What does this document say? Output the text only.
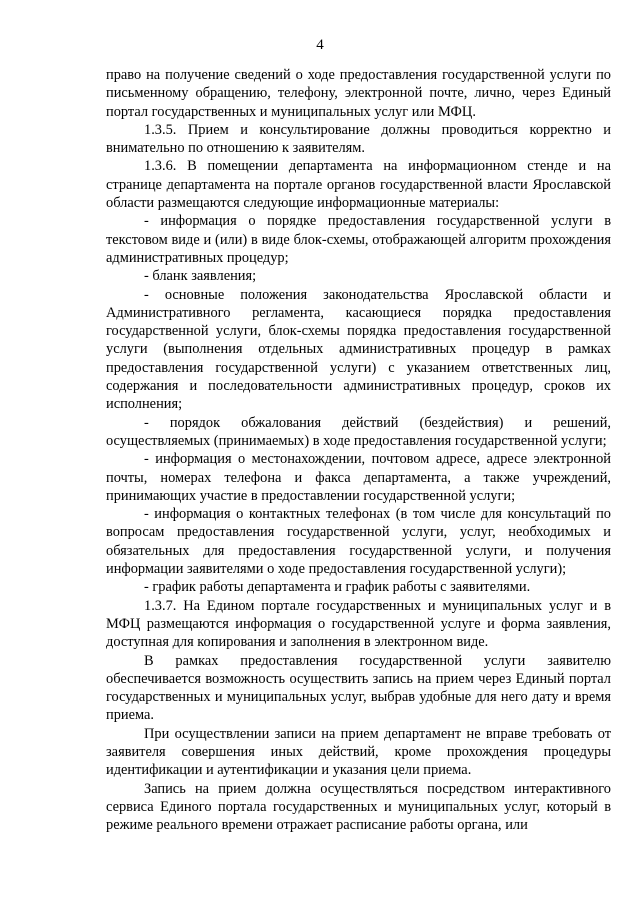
4

право на получение сведений о ходе предоставления государственной услуги по письменному обращению, телефону, электронной почте, лично, через Единый портал государственных и муниципальных услуг или МФЦ.

1.3.5. Прием и консультирование должны проводиться корректно и внимательно по отношению к заявителям.

1.3.6. В помещении департамента на информационном стенде и на странице департамента на портале органов государственной власти Ярославской области размещаются следующие информационные материалы:

- информация о порядке предоставления государственной услуги в текстовом виде и (или) в виде блок-схемы, отображающей алгоритм прохождения административных процедур;

- бланк заявления;

- основные положения законодательства Ярославской области и Административного регламента, касающиеся порядка предоставления государственной услуги, блок-схемы порядка предоставления государственной услуги (выполнения отдельных административных процедур в рамках предоставления государственной услуги) с указанием ответственных лиц, содержания и последовательности административных процедур, сроков их исполнения;

- порядок обжалования действий (бездействия) и решений, осуществляемых (принимаемых) в ходе предоставления государственной услуги;

- информация о местонахождении, почтовом адресе, адресе электронной почты, номерах телефона и факса департамента, а также учреждений, принимающих участие в предоставлении государственной услуги;

- информация о контактных телефонах (в том числе для консультаций по вопросам предоставления государственной услуги, услуг, необходимых и обязательных для предоставления государственной услуги, и получения информации заявителями о ходе предоставления государственной услуги);

- график работы департамента и график работы с заявителями.

1.3.7. На Едином портале государственных и муниципальных услуг и в МФЦ размещаются информация о государственной услуге и форма заявления, доступная для копирования и заполнения в электронном виде.

В рамках предоставления государственной услуги заявителю обеспечивается возможность осуществить запись на прием через Единый портал государственных и муниципальных услуг, выбрав удобные для него дату и время приема.

При осуществлении записи на прием департамент не вправе требовать от заявителя совершения иных действий, кроме прохождения процедуры идентификации и аутентификации и указания цели приема.

Запись на прием должна осуществляться посредством интерактивного сервиса Единого портала государственных и муниципальных услуг, который в режиме реального времени отражает расписание работы органа, или
